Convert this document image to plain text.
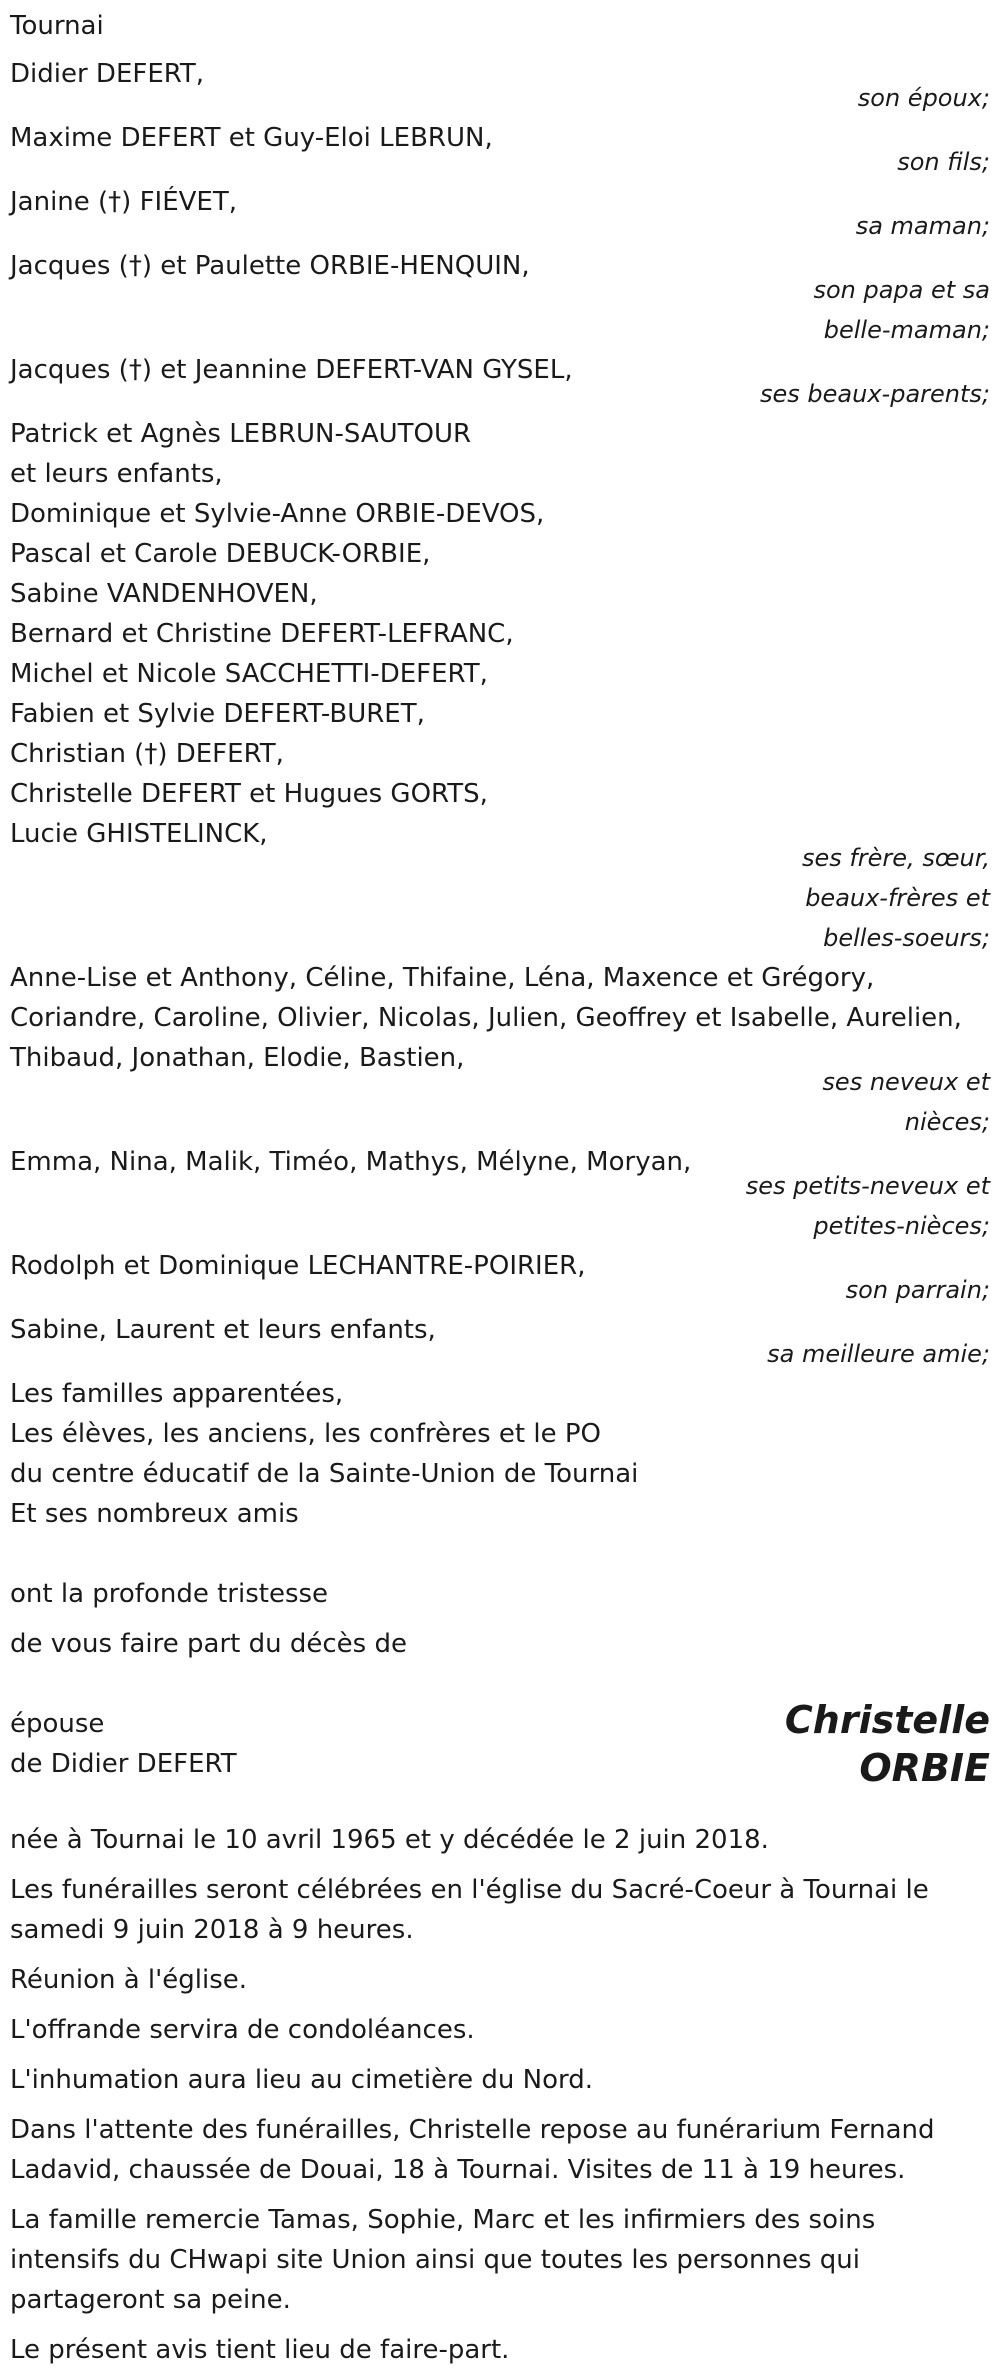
Tournai
Didier DEFERT,
son époux;
Maxime DEFERT et Guy-Eloi LEBRUN,
son fils;
Janine (†) FIÉVET,
sa maman;
Jacques (†) et Paulette ORBIE-HENQUIN,
son papa et sa
belle-maman;
Jacques (†) et Jeannine DEFERT-VAN GYSEL,
ses beaux-parents;
Patrick et Agnès LEBRUN-SAUTOUR
et leurs enfants,
Dominique et Sylvie-Anne ORBIE-DEVOS,
Pascal et Carole DEBUCK-ORBIE,
Sabine VANDENHOVEN,
Bernard et Christine DEFERT-LEFRANC,
Michel et Nicole SACCHETTI-DEFERT,
Fabien et Sylvie DEFERT-BURET,
Christian (†) DEFERT,
Christelle DEFERT et Hugues GORTS,
Lucie GHISTELINCK,
ses frère, sœur,
beaux-frères et
belles-soeurs;
Anne-Lise et Anthony, Céline, Thifaine, Léna, Maxence et Grégory,
Coriandre, Caroline, Olivier, Nicolas, Julien, Geoffrey et Isabelle, Aurelien,
Thibaud, Jonathan, Elodie, Bastien,
ses neveux et
nièces;
Emma, Nina, Malik, Timéo, Mathys, Mélyne, Moryan,
ses petits-neveux et
petites-nièces;
Rodolph et Dominique LECHANTRE-POIRIER,
son parrain;
Sabine, Laurent et leurs enfants,
sa meilleure amie;
Les familles apparentées,
Les élèves, les anciens, les confrères et le PO
du centre éducatif de la Sainte-Union de Tournai
Et ses nombreux amis
ont la profonde tristesse
de vous faire part du décès de
épouse
de Didier DEFERT
Christelle
ORBIE
née à Tournai le 10 avril 1965 et y décédée le 2 juin 2018.
Les funérailles seront célébrées en l'église du Sacré-Coeur à Tournai le
samedi 9 juin 2018 à 9 heures.
Réunion à l'église.
L'offrande servira de condoléances.
L'inhumation aura lieu au cimetière du Nord.
Dans l'attente des funérailles, Christelle repose au funérarium Fernand
Ladavid, chaussée de Douai, 18 à Tournai. Visites de 11 à 19 heures.
La famille remercie Tamas, Sophie, Marc et les infirmiers des soins
intensifs du CHwapi site Union ainsi que toutes les personnes qui
partageront sa peine.
Le présent avis tient lieu de faire-part.
